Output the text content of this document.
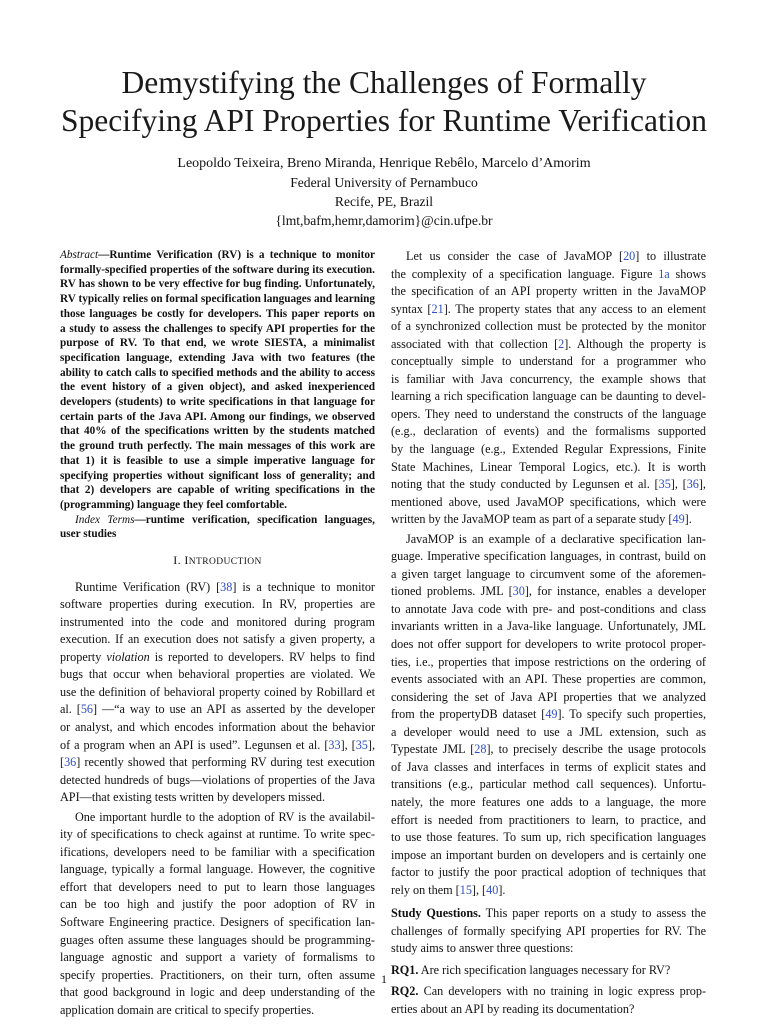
Demystifying the Challenges of Formally
Specifying API Properties for Runtime Verification
Leopoldo Teixeira, Breno Miranda, Henrique Rebêlo, Marcelo d’Amorim
Federal University of Pernambuco
Recife, PE, Brazil
{lmt,bafm,hemr,damorim}@cin.ufpe.br

Abstract—Runtime Verification (RV) is a technique to monitor

formally-specified properties of the software during its execution.

RV has shown to be very effective for bug finding. Unfortunately,

RV typically relies on formal specification languages and learning

those languages be costly for developers. This paper reports on

a study to assess the challenges to specify API properties for the

purpose of RV. To that end, we wrote SIESTA, a minimalist

specification language, extending Java with two features (the

ability to catch calls to specified methods and the ability to access

the event history of a given object), and asked inexperienced

developers (students) to write specifications in that language for

certain parts of the Java API. Among our findings, we observed

that 40% of the specifications written by the students matched

the ground truth perfectly. The main messages of this work are

that 1) it is feasible to use a simple imperative language for

specifying properties without significant loss of generality; and

that 2) developers are capable of writing specifications in the

(programming) language they feel comfortable.

Index Terms—runtime verification, specification languages,

user studies

I. INTRODUCTION

Runtime Verification (RV) [38] is a technique to monitor

software properties during execution. In RV, properties are

instrumented into the code and monitored during program

execution. If an execution does not satisfy a given property, a

property violation is reported to developers. RV helps to find

bugs that occur when behavioral properties are violated. We

use the definition of behavioral property coined by Robillard et

al. [56] —“a way to use an API as asserted by the developer

or analyst, and which encodes information about the behavior

of a program when an API is used”. Legunsen et al. [33], [35],

[36] recently showed that performing RV during test execution

detected hundreds of bugs—violations of properties of the Java

API—that existing tests written by developers missed.

One important hurdle to the adoption of RV is the availabil-

ity of specifications to check against at runtime. To write spec-

ifications, developers need to be familiar with a specification

language, typically a formal language. However, the cognitive

effort that developers need to put to learn those languages

can be too high and justify the poor adoption of RV in

Software Engineering practice. Designers of specification lan-

guages often assume these languages should be programming-

language agnostic and support a variety of formalisms to

specify properties. Practitioners, on their turn, often assume

that good background in logic and deep understanding of the

application domain are critical to specify properties.

Let us consider the case of JavaMOP [20] to illustrate

the complexity of a specification language. Figure 1a shows

the specification of an API property written in the JavaMOP

syntax [21]. The property states that any access to an element

of a synchronized collection must be protected by the monitor

associated with that collection [2]. Although the property is

conceptually simple to understand for a programmer who

is familiar with Java concurrency, the example shows that

learning a rich specification language can be daunting to devel-

opers. They need to understand the constructs of the language

(e.g., declaration of events) and the formalisms supported

by the language (e.g., Extended Regular Expressions, Finite

State Machines, Linear Temporal Logics, etc.). It is worth

noting that the study conducted by Legunsen et al. [35], [36],

mentioned above, used JavaMOP specifications, which were

written by the JavaMOP team as part of a separate study [49].

JavaMOP is an example of a declarative specification lan-

guage. Imperative specification languages, in contrast, build on

a given target language to circumvent some of the aforemen-

tioned problems. JML [30], for instance, enables a developer

to annotate Java code with pre- and post-conditions and class

invariants written in a Java-like language. Unfortunately, JML

does not offer support for developers to write protocol proper-

ties, i.e., properties that impose restrictions on the ordering of

events associated with an API. These properties are common,

considering the set of Java API properties that we analyzed

from the propertyDB dataset [49]. To specify such properties,

a developer would need to use a JML extension, such as

Typestate JML [28], to precisely describe the usage protocols

of Java classes and interfaces in terms of explicit states and

transitions (e.g., particular method call sequences). Unfortu-

nately, the more features one adds to a language, the more

effort is needed from practitioners to learn, to practice, and

to use those features. To sum up, rich specification languages

impose an important burden on developers and is certainly one

factor to justify the poor practical adoption of techniques that

rely on them [15], [40].

Study Questions. This paper reports on a study to assess the

challenges of formally specifying API properties for RV. The

study aims to answer three questions:

RQ1. Are rich specification languages necessary for RV?

RQ2. Can developers with no training in logic express prop-

erties about an API by reading its documentation?

1
